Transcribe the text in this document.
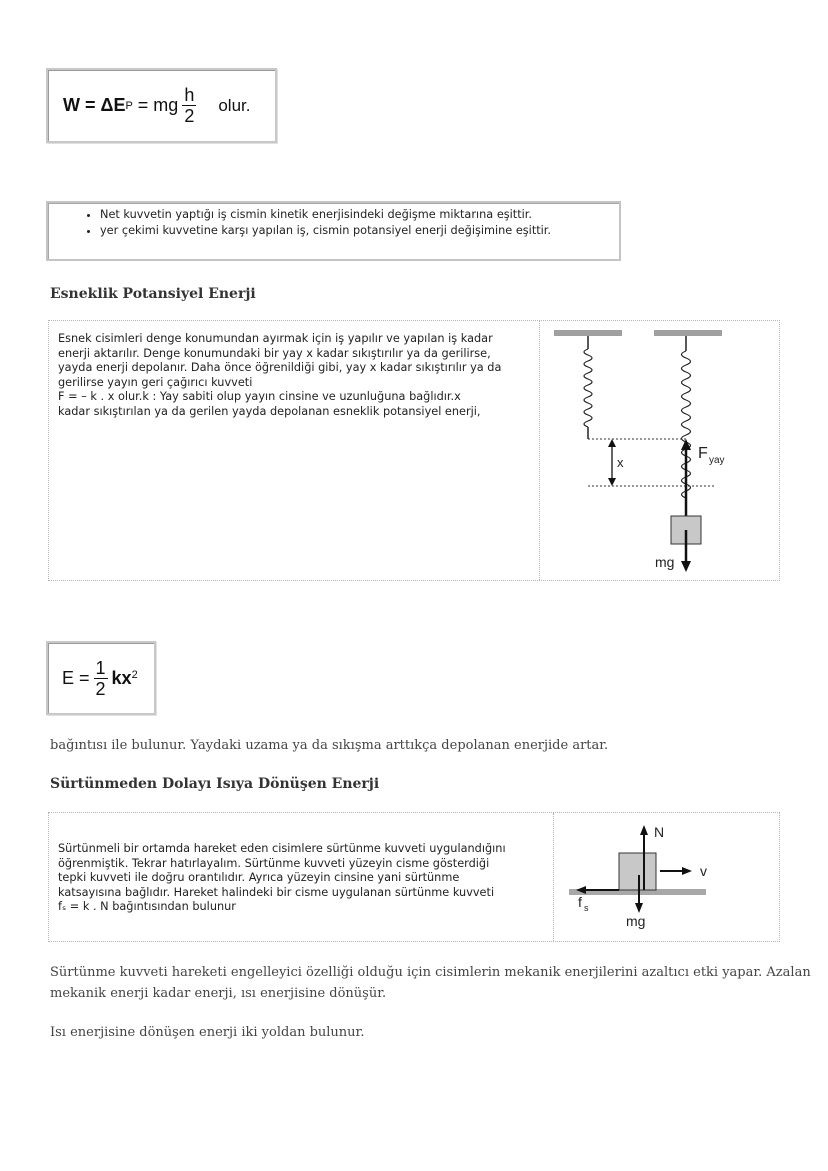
W = ΔE P = mg $\frac{h}{2}$ olur.
• Net kuvvetin yaptığı iş cismin kinetik enerjisindeki değişme miktarına eşittir.
• yer çekimi kuvvetine karşı yapılan iş, cismin potansiyel enerji değişimine eşittir.
Esneklik Potansiyel Enerji
Esnek cisimleri denge konumundan ayırmak için iş yapılır ve yapılan iş kadar
enerji aktarılır. Denge konumundaki bir yay x kadar sıkıştırılır ya da gerilirse,
yayda enerji depolanır. Daha önce öğrenildiği gibi, yay x kadar sıkıştırılır ya da
gerilirse yayın geri çağırıcı kuvveti
F = – k . x olur.k : Yay sabiti olup yayın cinsine ve uzunluğuna bağlıdır.x
kadar sıkıştırılan ya da gerilen yayda depolanan esneklik potansiyel enerji,
x
F yay
mg
$E = \frac{1}{2} kx^2$

bağıntısı ile bulunur. Yaydaki uzama ya da sıkışma arttıkça depolanan enerjide artar.

Sürtünmeden Dolayı Isıya Dönüşen Enerji
Sürtünmeli bir ortamda hareket eden cisimlere sürtünme kuvveti uygulandığını
öğrenmiştik. Tekrar hatırlayalım. Sürtünme kuvveti yüzeyin cisme gösterdiği
tepki kuvveti ile doğru orantılıdır. Ayrıca yüzeyin cinsine yani sürtünme
katsayısına bağlıdır. Hareket halindeki bir cisme uygulanan sürtünme kuvveti
fₛ = k . N bağıntısından bulunur
N
v
f s
mg

Sürtünme kuvveti hareketi engelleyici özelliği olduğu için cisimlerin mekanik enerjilerini azaltıcı etki yapar. Azalan
mekanik enerji kadar enerji, ısı enerjisine dönüşür.

Isı enerjisine dönüşen enerji iki yoldan bulunur.
